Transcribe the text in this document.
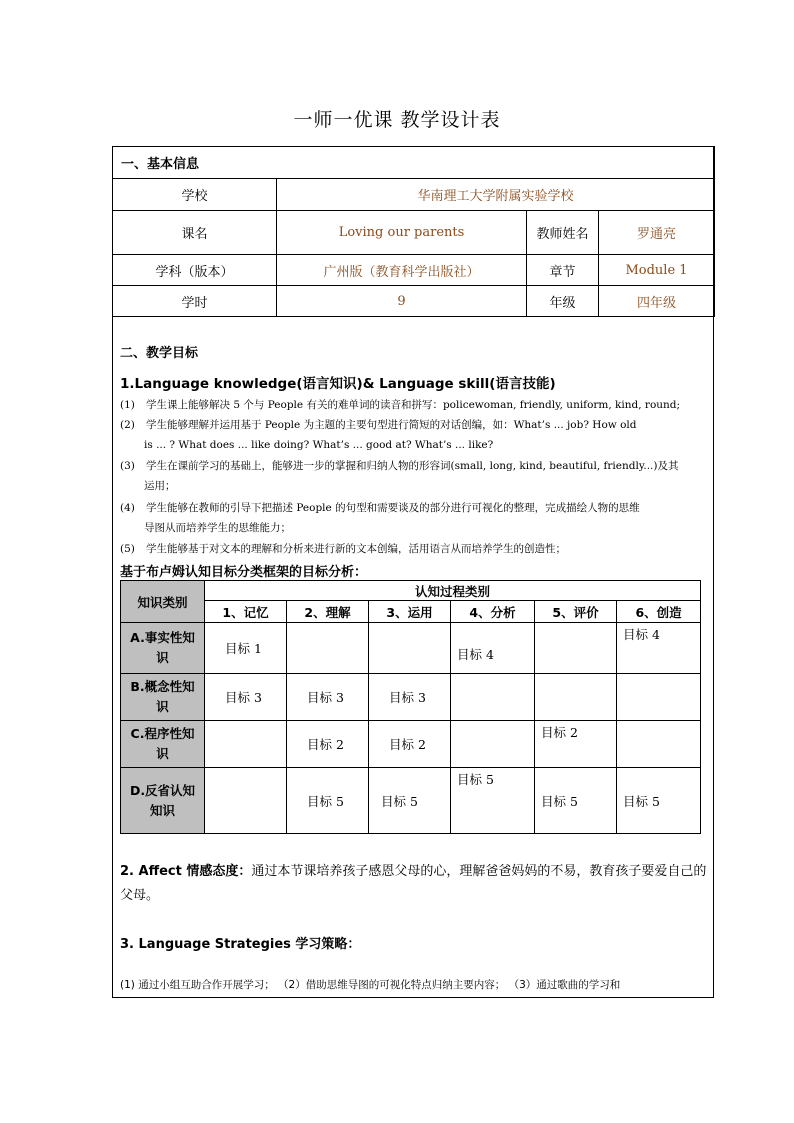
一师一优课 教学设计表
一、基本信息			
学校	华南理工大学附属实验学校		
课名	Loving our parents	教师姓名	罗通亮
学科（版本）	广州版（教育科学出版社）	章节	Module 1
学时	9	年级	四年级
二、教学目标
1.Language knowledge(语言知识)& Language skill(语言技能)
(1) 学生课上能够解决 5 个与 People 有关的难单词的读音和拼写：policewoman, friendly, uniform, kind, round;
(2) 学生能够理解并运用基于 People 为主题的主要句型进行简短的对话创编，如：What’s ... job? How old
is ... ? What does ... like doing? What’s ... good at? What’s ... like?
(3) 学生在课前学习的基础上，能够进一步的掌握和归纳人物的形容词(small, long, kind, beautiful, friendly...)及其
运用；
(4) 学生能够在教师的引导下把描述 People 的句型和需要谈及的部分进行可视化的整理，完成描绘人物的思维
导图从而培养学生的思维能力；
(5) 学生能够基于对文本的理解和分析来进行新的文本创编，活用语言从而培养学生的创造性；
基于布卢姆认知目标分类框架的目标分析：
知识类别	认知过程类别					
	1、记忆	2、理解	3、运用	4、分析	5、评价	6、创造
A.事实性知
识	目标 1			目标 4		目标 4

B.概念性知
识	目标 3	目标 3	目标 3			

C.程序性知
识		目标 2	目标 2		目标 2	

D.反省认知
知识		目标 5	目标 5	目标 5	目标 5	目标 5
2. Affect 情感态度：通过本节课培养孩子感恩父母的心，理解爸爸妈妈的不易，教育孩子要爱自己的父母。
3. Language Strategies 学习策略：
(1) 通过小组互助合作开展学习； （2）借助思维导图的可视化特点归纳主要内容； （3）通过歌曲的学习和
